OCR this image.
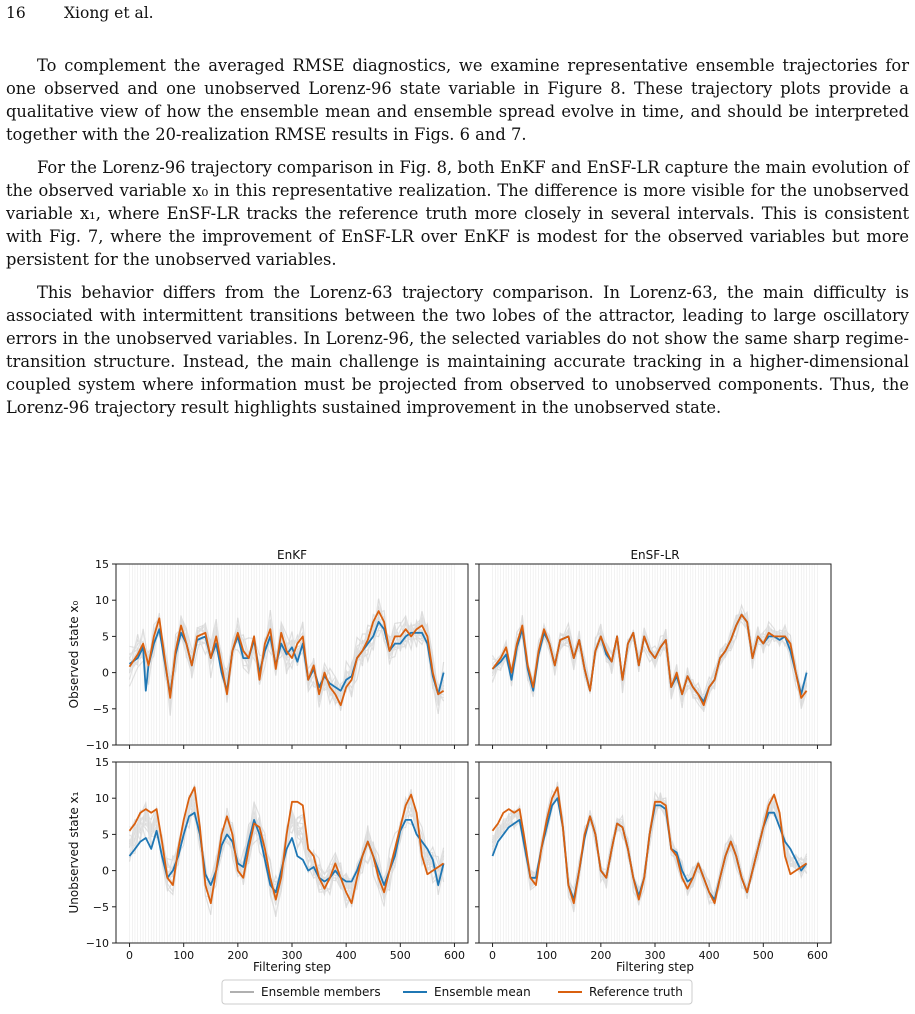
16 Xiong et al.

To complement the averaged RMSE diagnostics, we examine representative ensemble trajectories for one observed and one unobserved Lorenz-96 state variable in Figure 8. These trajectory plots provide a qualitative view of how the ensemble mean and ensemble spread evolve in time, and should be interpreted together with the 20-realization RMSE results in Figs. 6 and 7.

For the Lorenz-96 trajectory comparison in Fig. 8, both EnKF and EnSF-LR capture the main evolution of the observed variable x₀ in this representative realization. The difference is more visible for the unobserved variable x₁, where EnSF-LR tracks the reference truth more closely in several intervals. This is consistent with Fig. 7, where the improvement of EnSF-LR over EnKF is modest for the observed variables but more persistent for the unobserved variables.

This behavior differs from the Lorenz-63 trajectory comparison. In Lorenz-63, the main difficulty is associated with intermittent transitions between the two lobes of the attractor, leading to large oscillatory errors in the unobserved variables. In Lorenz-96, the selected variables do not show the same sharp regime-transition structure. Instead, the main challenge is maintaining accurate tracking in a higher-dimensional coupled system where information must be projected from observed to unobserved components. Thus, the Lorenz-96 trajectory result highlights sustained improvement in the unobserved state.

EnKF
−10
−5
0
5
10
15
Observed state x₀
EnSF-LR
−10
−5
0
5
10
15
0	100	200	300	400	500	600
Filtering step
Unobserved state x₁
0	100	200	300	400	500	600
Filtering step
Ensemble members	Ensemble mean	Reference truth
